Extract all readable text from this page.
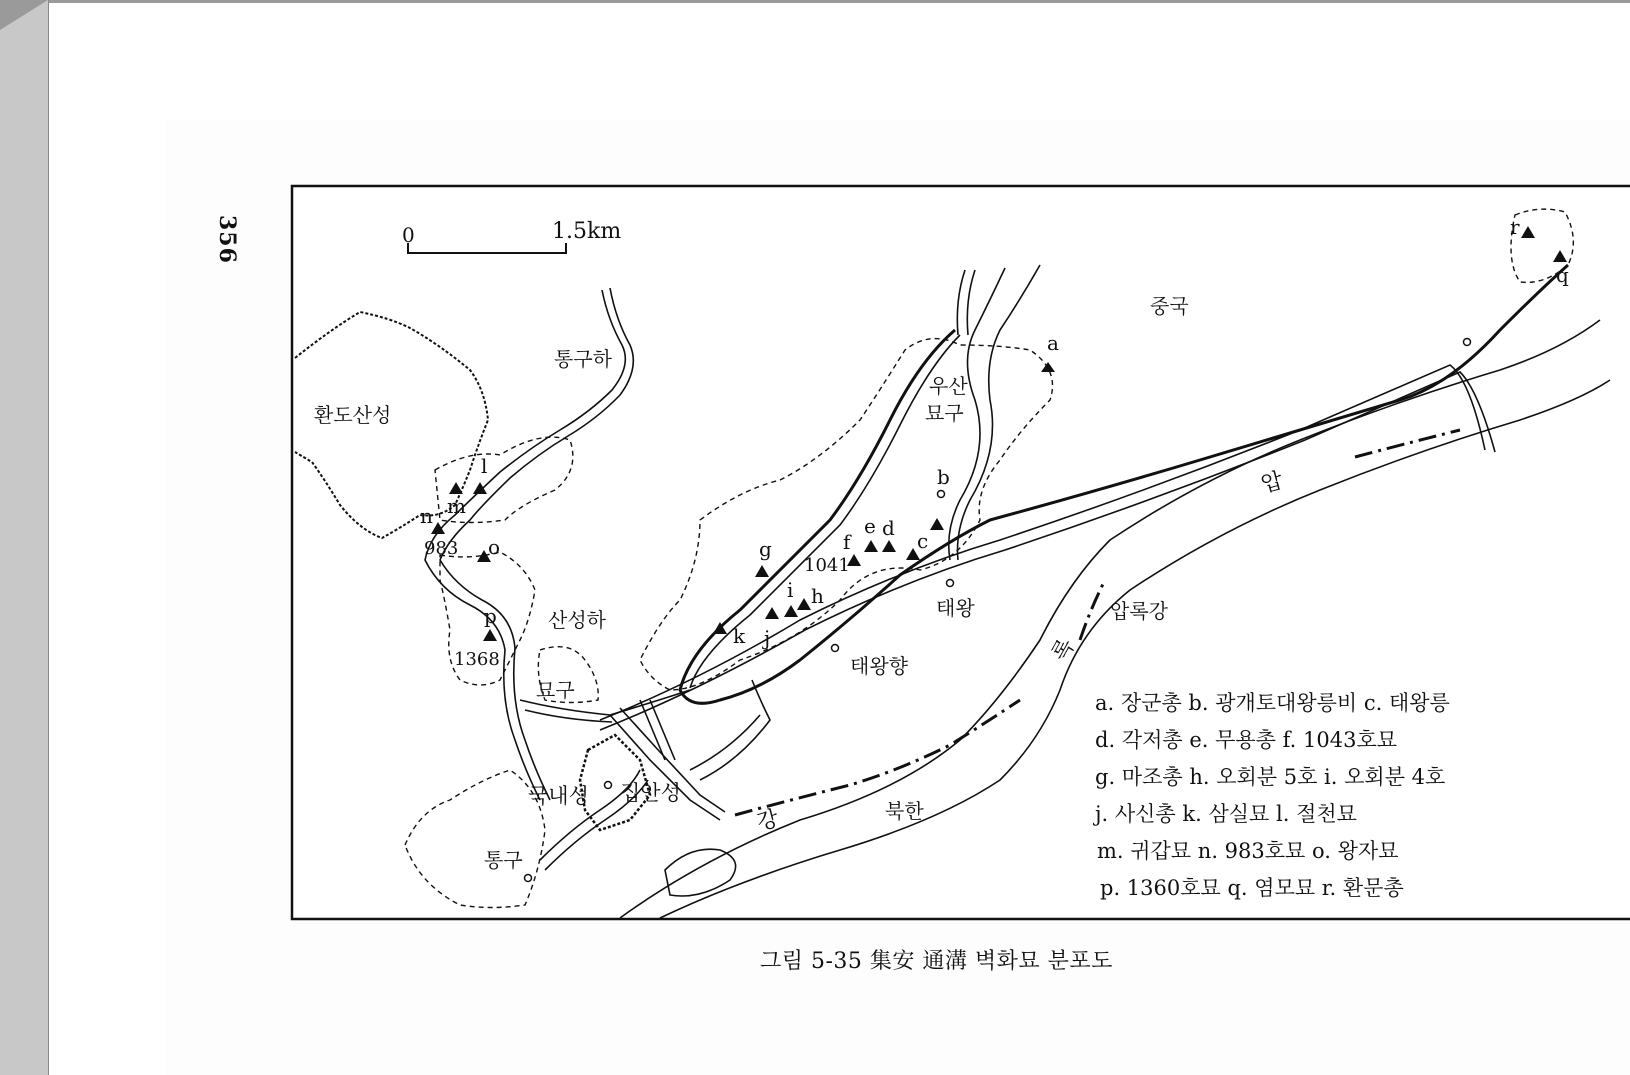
356	0	1.5km
중국
통구하
환도산성
우산
묘구
산성하
묘구
태왕
태왕향
압록강
압
록
강	북한
국내성 집안성
통구
a
b
c
d
e
f
g
h
i
j
k
l
m
n
o
p
r
q
983
1041
1368
a. 장군총 b. 광개토대왕릉비 c. 태왕릉
d. 각저총 e. 무용총 f. 1043호묘
g. 마조총 h. 오회분 5호 i. 오회분 4호
j. 사신총 k. 삼실묘 l. 절천묘
m. 귀갑묘 n. 983호묘 o. 왕자묘
p. 1360호묘 q. 염모묘 r. 환문총
그림 5-35 集安 通溝 벽화묘 분포도
